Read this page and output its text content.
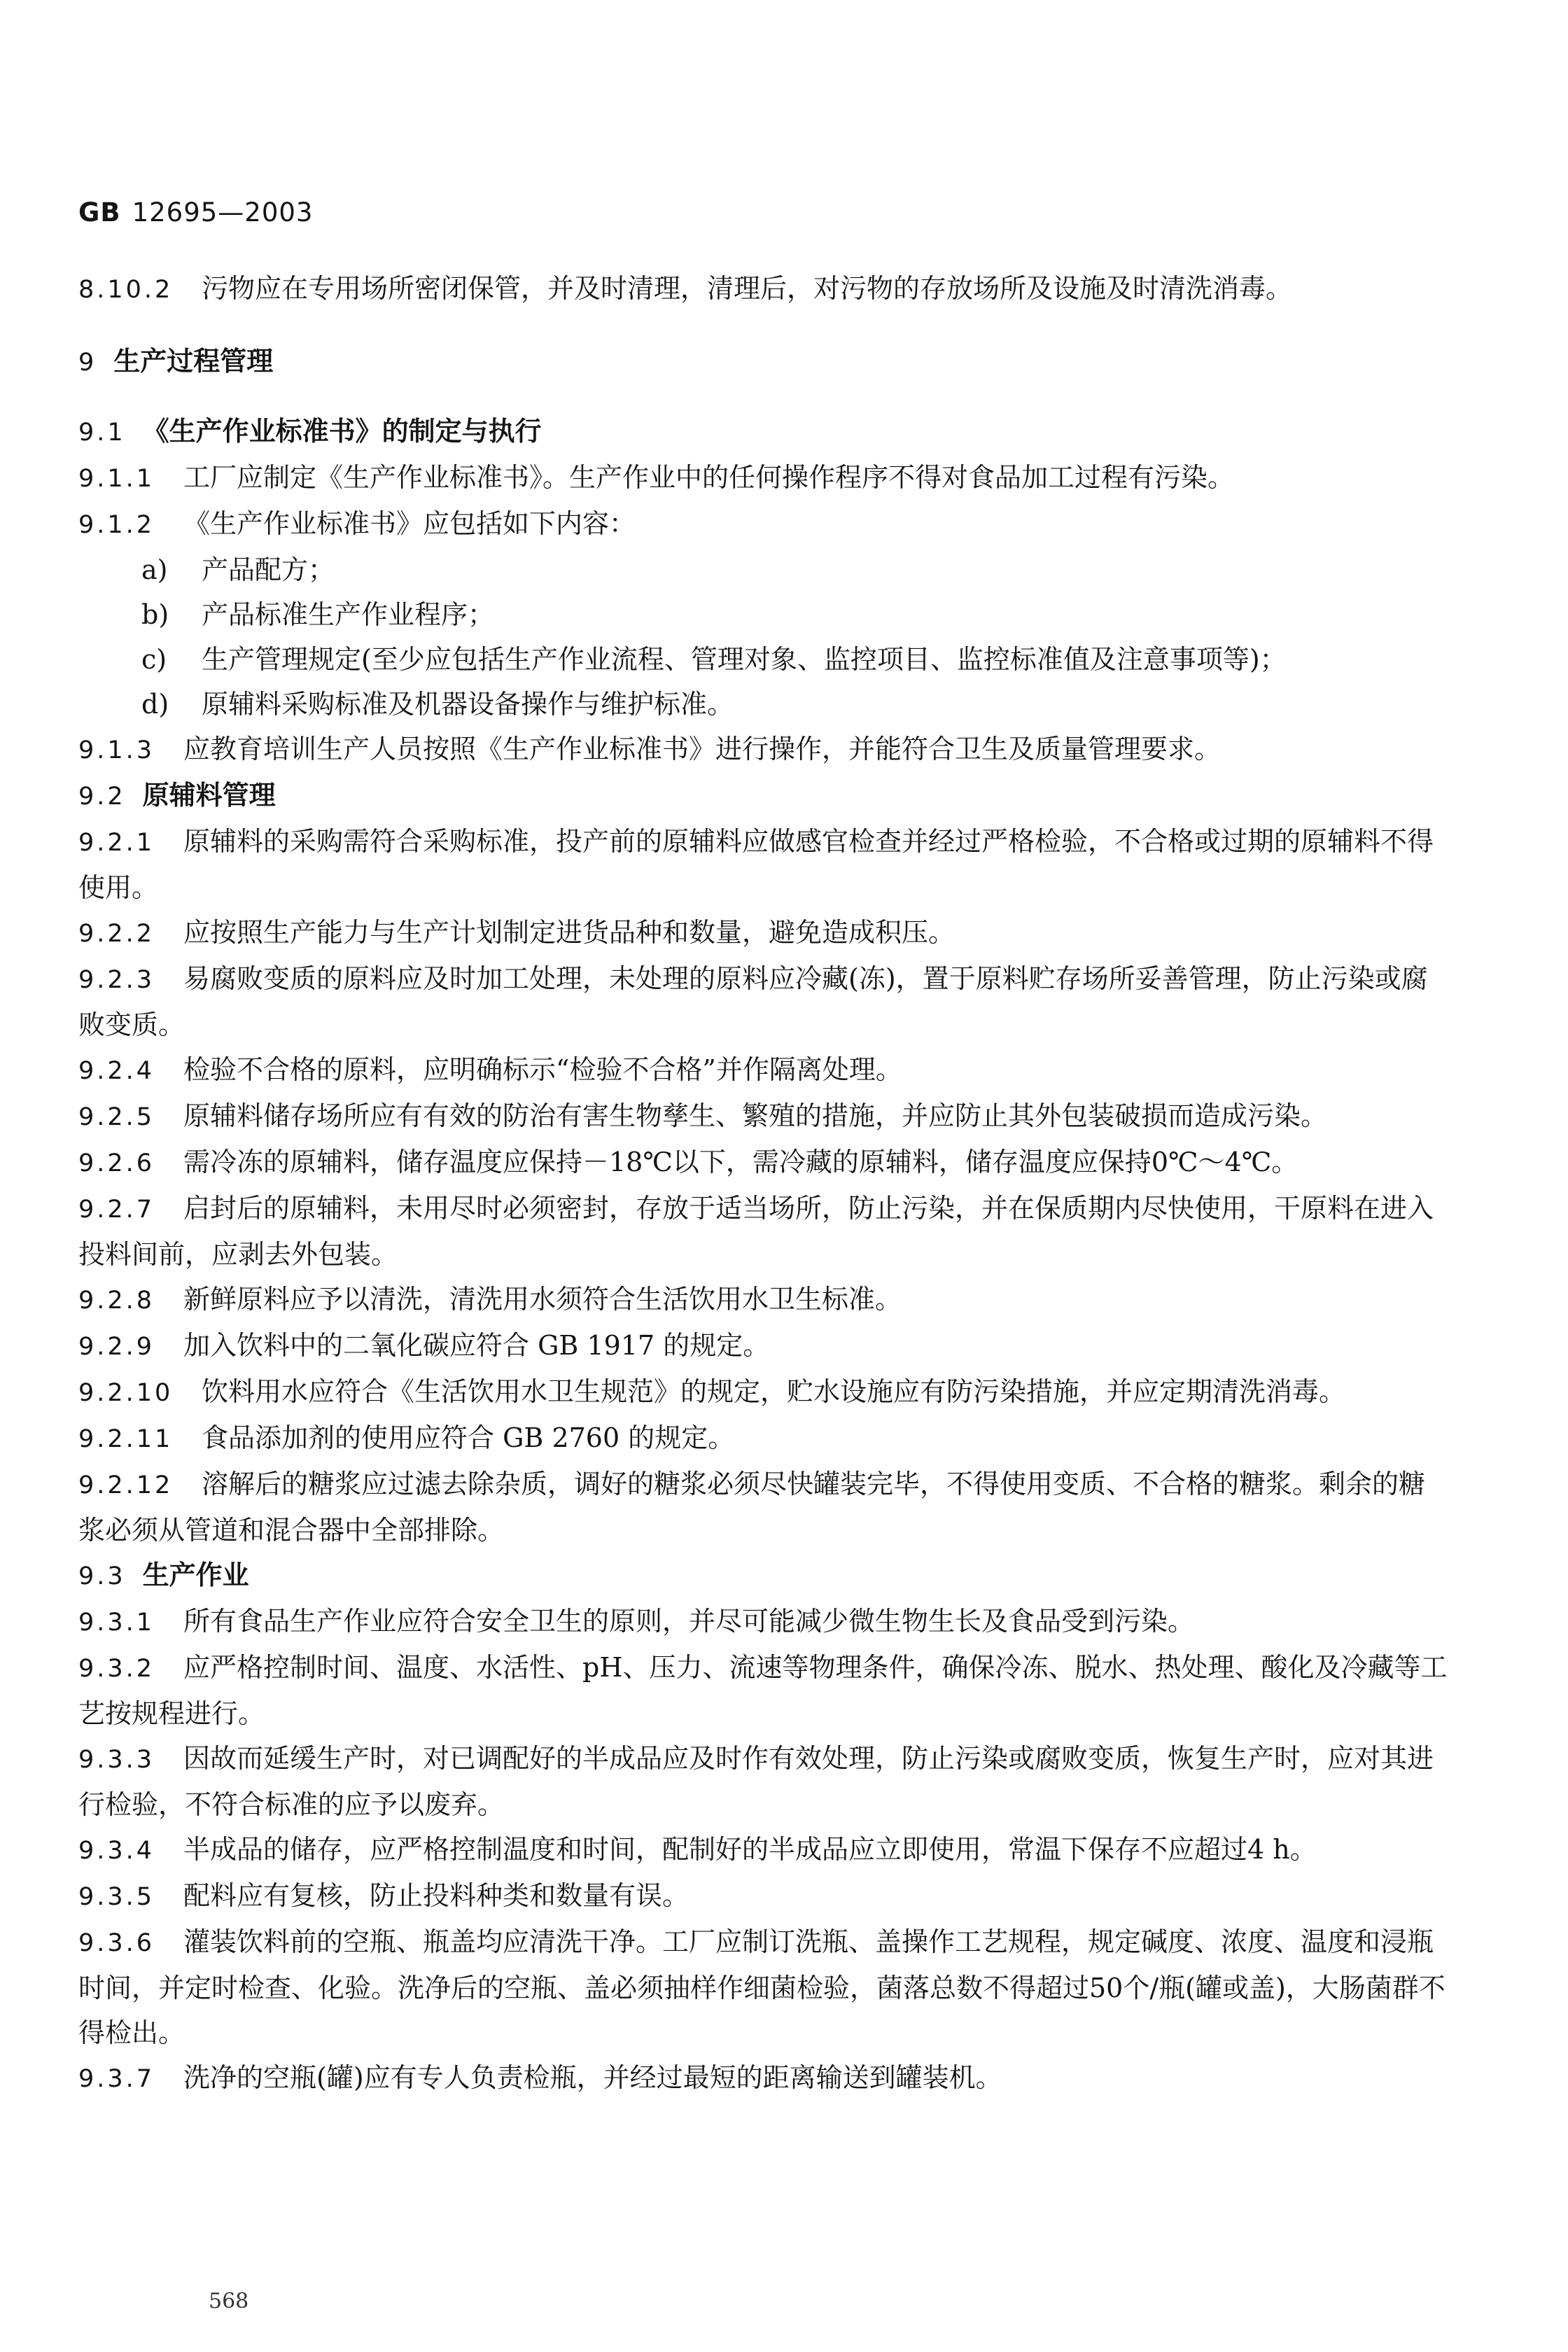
GB 12695—2003

8.10.2 污物应在专用场所密闭保管，并及时清理，清理后，对污物的存放场所及设施及时清洗消毒。

9 生产过程管理

9.1 《生产作业标准书》的制定与执行

9.1.1 工厂应制定《生产作业标准书》。生产作业中的任何操作程序不得对食品加工过程有污染。

9.1.2 《生产作业标准书》应包括如下内容：

a) 产品配方；

b) 产品标准生产作业程序；

c) 生产管理规定(至少应包括生产作业流程、管理对象、监控项目、监控标准值及注意事项等)；

d) 原辅料采购标准及机器设备操作与维护标准。

9.1.3 应教育培训生产人员按照《生产作业标准书》进行操作，并能符合卫生及质量管理要求。

9.2 原辅料管理

9.2.1 原辅料的采购需符合采购标准，投产前的原辅料应做感官检查并经过严格检验，不合格或过期的原辅料不得使用。

9.2.2 应按照生产能力与生产计划制定进货品种和数量，避免造成积压。

9.2.3 易腐败变质的原料应及时加工处理，未处理的原料应冷藏(冻)，置于原料贮存场所妥善管理，防止污染或腐败变质。

9.2.4 检验不合格的原料，应明确标示“检验不合格”并作隔离处理。

9.2.5 原辅料储存场所应有有效的防治有害生物孳生、繁殖的措施，并应防止其外包装破损而造成污染。

9.2.6 需冷冻的原辅料，储存温度应保持－18℃以下，需冷藏的原辅料，储存温度应保持0℃～4℃。

9.2.7 启封后的原辅料，未用尽时必须密封，存放于适当场所，防止污染，并在保质期内尽快使用，干原料在进入投料间前，应剥去外包装。

9.2.8 新鲜原料应予以清洗，清洗用水须符合生活饮用水卫生标准。

9.2.9 加入饮料中的二氧化碳应符合 GB 1917 的规定。

9.2.10 饮料用水应符合《生活饮用水卫生规范》的规定，贮水设施应有防污染措施，并应定期清洗消毒。

9.2.11 食品添加剂的使用应符合 GB 2760 的规定。

9.2.12 溶解后的糖浆应过滤去除杂质，调好的糖浆必须尽快罐装完毕，不得使用变质、不合格的糖浆。剩余的糖浆必须从管道和混合器中全部排除。

9.3 生产作业

9.3.1 所有食品生产作业应符合安全卫生的原则，并尽可能减少微生物生长及食品受到污染。

9.3.2 应严格控制时间、温度、水活性、pH、压力、流速等物理条件，确保冷冻、脱水、热处理、酸化及冷藏等工艺按规程进行。

9.3.3 因故而延缓生产时，对已调配好的半成品应及时作有效处理，防止污染或腐败变质，恢复生产时，应对其进行检验，不符合标准的应予以废弃。

9.3.4 半成品的储存，应严格控制温度和时间，配制好的半成品应立即使用，常温下保存不应超过4 h。

9.3.5 配料应有复核，防止投料种类和数量有误。

9.3.6 灌装饮料前的空瓶、瓶盖均应清洗干净。工厂应制订洗瓶、盖操作工艺规程，规定碱度、浓度、温度和浸瓶时间，并定时检查、化验。洗净后的空瓶、盖必须抽样作细菌检验，菌落总数不得超过50个/瓶(罐或盖)，大肠菌群不得检出。

9.3.7 洗净的空瓶(罐)应有专人负责检瓶，并经过最短的距离输送到罐装机。

568
